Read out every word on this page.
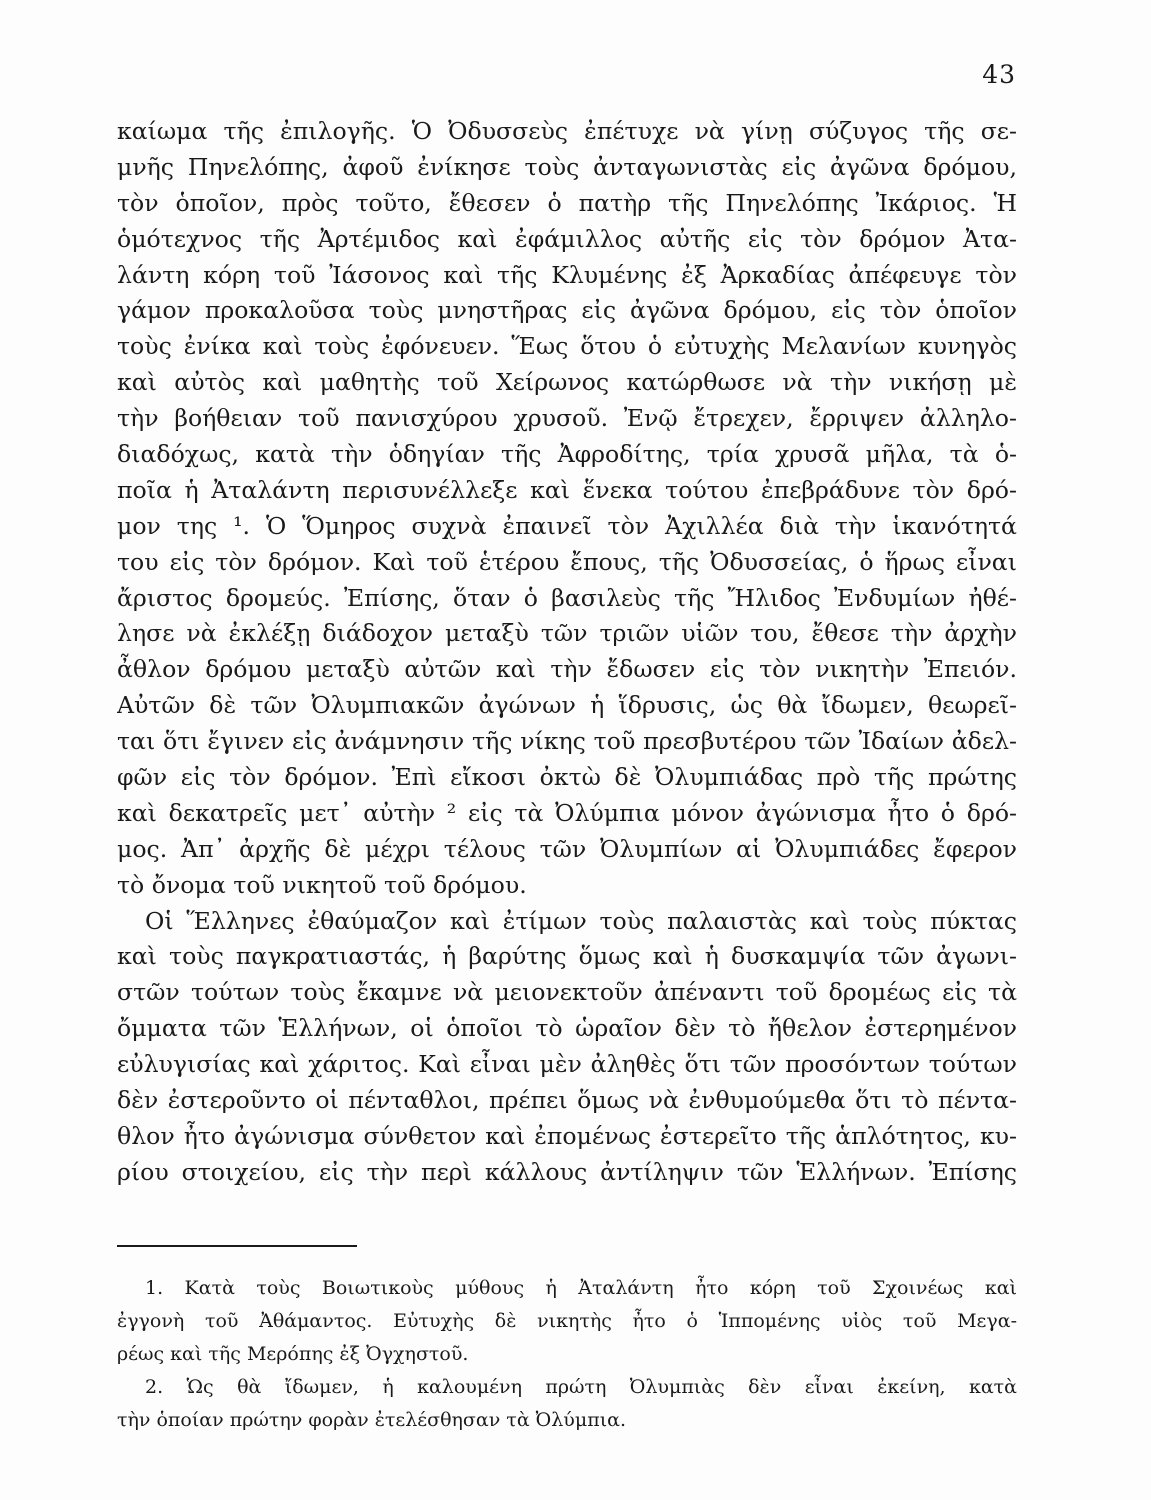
43
καίωμα τῆς ἐπιλογῆς. Ὁ Ὀδυσσεὺς ἐπέτυχε νὰ γίνῃ σύζυγος τῆς σε-
μνῆς Πηνελόπης, ἀφοῦ ἐνίκησε τοὺς ἀνταγωνιστὰς εἰς ἀγῶνα δρόμου,
τὸν ὁποῖον, πρὸς τοῦτο, ἔθεσεν ὁ πατὴρ τῆς Πηνελόπης Ἰκάριος. Ἡ
ὁμότεχνος τῆς Ἀρτέμιδος καὶ ἐφάμιλλος αὐτῆς εἰς τὸν δρόμον Ἀτα-
λάντη κόρη τοῦ Ἰάσονος καὶ τῆς Κλυμένης ἐξ Ἀρκαδίας ἀπέφευγε τὸν
γάμον προκαλοῦσα τοὺς μνηστῆρας εἰς ἀγῶνα δρόμου, εἰς τὸν ὁποῖον
τοὺς ἐνίκα καὶ τοὺς ἐφόνευεν. Ἕως ὅτου ὁ εὐτυχὴς Μελανίων κυνηγὸς
καὶ αὐτὸς καὶ μαθητὴς τοῦ Χείρωνος κατώρθωσε νὰ τὴν νικήσῃ μὲ
τὴν βοήθειαν τοῦ πανισχύρου χρυσοῦ. Ἐνῷ ἔτρεχεν, ἔρριψεν ἀλληλο-
διαδόχως, κατὰ τὴν ὁδηγίαν τῆς Ἀφροδίτης, τρία χρυσᾶ μῆλα, τὰ ὁ-
ποῖα ἡ Ἀταλάντη περισυνέλλεξε καὶ ἕνεκα τούτου ἐπεβράδυνε τὸν δρό-
μον της ¹. Ὁ Ὅμηρος συχνὰ ἐπαινεῖ τὸν Ἀχιλλέα διὰ τὴν ἱκανότητά
του εἰς τὸν δρόμον. Καὶ τοῦ ἑτέρου ἔπους, τῆς Ὀδυσσείας, ὁ ἥρως εἶναι
ἄριστος δρομεύς. Ἐπίσης, ὅταν ὁ βασιλεὺς τῆς Ἤλιδος Ἐνδυμίων ἠθέ-
λησε νὰ ἐκλέξῃ διάδοχον μεταξὺ τῶν τριῶν υἱῶν του, ἔθεσε τὴν ἀρχὴν
ἆθλον δρόμου μεταξὺ αὐτῶν καὶ τὴν ἔδωσεν εἰς τὸν νικητὴν Ἐπειόν.
Αὐτῶν δὲ τῶν Ὀλυμπιακῶν ἀγώνων ἡ ἵδρυσις, ὡς θὰ ἴδωμεν, θεωρεῖ-
ται ὅτι ἔγινεν εἰς ἀνάμνησιν τῆς νίκης τοῦ πρεσβυτέρου τῶν Ἰδαίων ἀδελ-
φῶν εἰς τὸν δρόμον. Ἐπὶ εἴκοσι ὀκτὼ δὲ Ὀλυμπιάδας πρὸ τῆς πρώτης
καὶ δεκατρεῖς μετ᾽ αὐτὴν ² εἰς τὰ Ὀλύμπια μόνον ἀγώνισμα ἦτο ὁ δρό-
μος. Ἀπ᾽ ἀρχῆς δὲ μέχρι τέλους τῶν Ὀλυμπίων αἱ Ὀλυμπιάδες ἔφερον
τὸ ὄνομα τοῦ νικητοῦ τοῦ δρόμου.
Οἱ Ἕλληνες ἐθαύμαζον καὶ ἐτίμων τοὺς παλαιστὰς καὶ τοὺς πύκτας
καὶ τοὺς παγκρατιαστάς, ἡ βαρύτης ὅμως καὶ ἡ δυσκαμψία τῶν ἀγωνι-
στῶν τούτων τοὺς ἔκαμνε νὰ μειονεκτοῦν ἀπέναντι τοῦ δρομέως εἰς τὰ
ὄμματα τῶν Ἑλλήνων, οἱ ὁποῖοι τὸ ὡραῖον δὲν τὸ ἤθελον ἐστερημένον
εὐλυγισίας καὶ χάριτος. Καὶ εἶναι μὲν ἀληθὲς ὅτι τῶν προσόντων τούτων
δὲν ἐστεροῦντο οἱ πένταθλοι, πρέπει ὅμως νὰ ἐνθυμούμεθα ὅτι τὸ πέντα-
θλον ἦτο ἀγώνισμα σύνθετον καὶ ἐπομένως ἐστερεῖτο τῆς ἁπλότητος, κυ-
ρίου στοιχείου, εἰς τὴν περὶ κάλλους ἀντίληψιν τῶν Ἑλλήνων. Ἐπίσης
1. Κατὰ τοὺς Βοιωτικοὺς μύθους ἡ Ἀταλάντη ἦτο κόρη τοῦ Σχοινέως καὶ
ἐγγονὴ τοῦ Ἀθάμαντος. Εὐτυχὴς δὲ νικητὴς ἦτο ὁ Ἱππομένης υἱὸς τοῦ Μεγα-
ρέως καὶ τῆς Μερόπης ἐξ Ὀγχηστοῦ.
2. Ὡς θὰ ἴδωμεν, ἡ καλουμένη πρώτη Ὀλυμπιὰς δὲν εἶναι ἐκείνη, κατὰ
τὴν ὁποίαν πρώτην φορὰν ἐτελέσθησαν τὰ Ὀλύμπια.
